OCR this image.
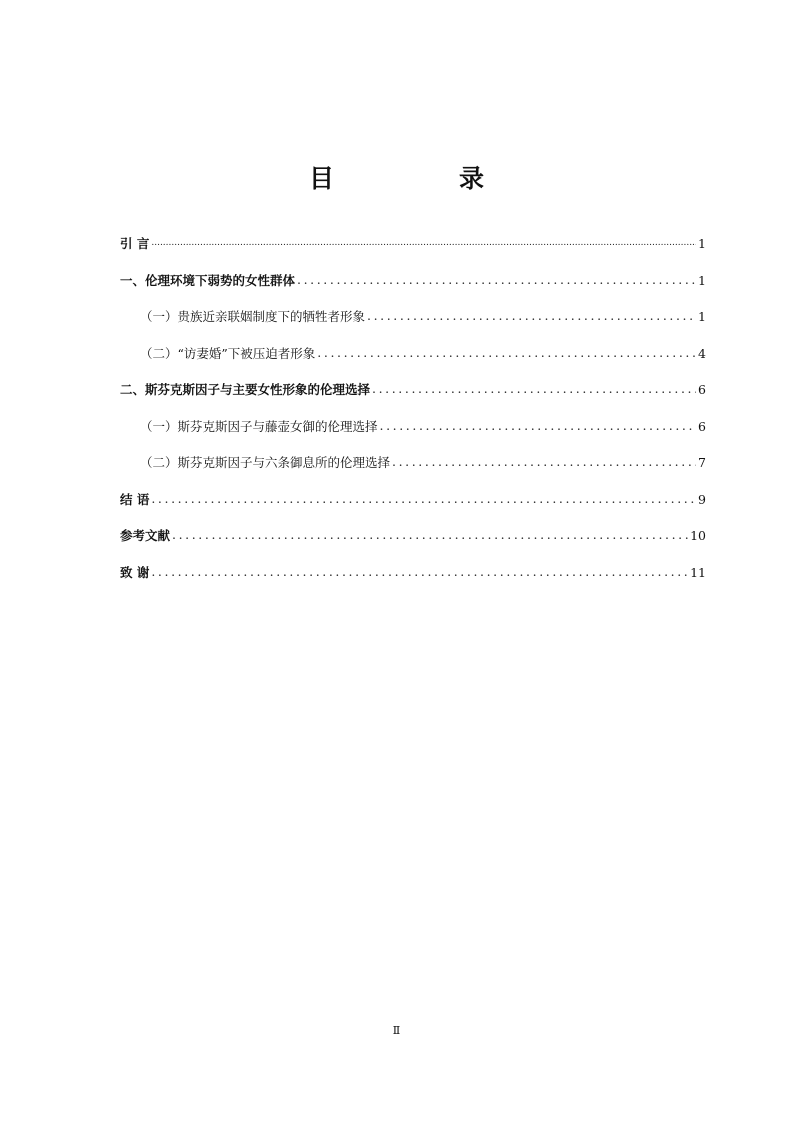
目　录
引 言 .....	1
一、伦理环境下弱势的女性群体 .....	1
（一）贵族近亲联姻制度下的牺牲者形象 .....	1
（二）“访妻婚”下被压迫者形象 .....	4
二、斯芬克斯因子与主要女性形象的伦理选择 .....	6
（一）斯芬克斯因子与藤壶女御的伦理选择 .....	6
（二）斯芬克斯因子与六条御息所的伦理选择 .....	7
结 语 .....	9
参考文献 .....	10
致 谢 .....	11
Ⅱ
